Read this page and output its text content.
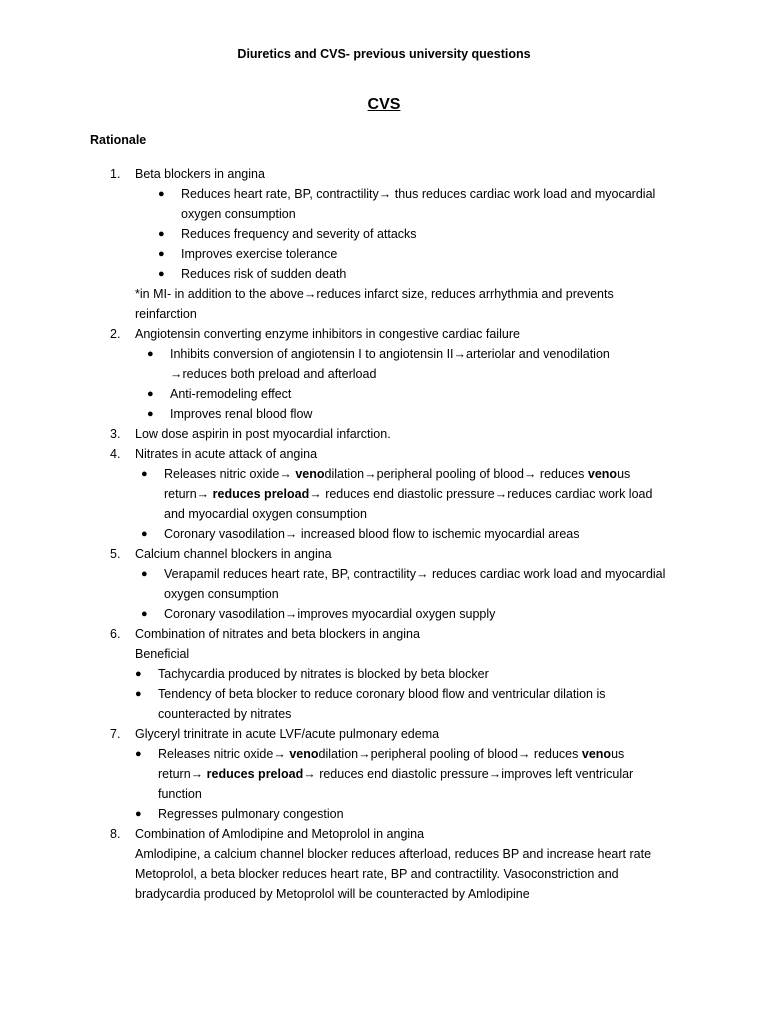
Diuretics and CVS- previous university questions
CVS
Rationale
1.	Beta blockers in angina
● Reduces heart rate, BP, contractility→ thus reduces cardiac work load and myocardial oxygen consumption
● Reduces frequency and severity of attacks
● Improves exercise tolerance
● Reduces risk of sudden death
*in MI- in addition to the above→reduces infarct size, reduces arrhythmia and prevents reinfarction
2.	Angiotensin converting enzyme inhibitors in congestive cardiac failure
● Inhibits conversion of angiotensin I to angiotensin II→arteriolar and venodilation →reduces both preload and afterload
● Anti-remodeling effect
● Improves renal blood flow
3.	Low dose aspirin in post myocardial infarction.
4.	Nitrates in acute attack of angina
● Releases nitric oxide→ venodilation→peripheral pooling of blood→ reduces venous return→ reduces preload→ reduces end diastolic pressure→reduces cardiac work load and myocardial oxygen consumption
● Coronary vasodilation→ increased blood flow to ischemic myocardial areas
5.	Calcium channel blockers in angina
● Verapamil reduces heart rate, BP, contractility→ reduces cardiac work load and myocardial oxygen consumption
● Coronary vasodilation→improves myocardial oxygen supply
6.	Combination of nitrates and beta blockers in angina
Beneficial
● Tachycardia produced by nitrates is blocked by beta blocker
● Tendency of beta blocker to reduce coronary blood flow and ventricular dilation is counteracted by nitrates
7.	Glyceryl trinitrate in acute LVF/acute pulmonary edema
● Releases nitric oxide→ venodilation→peripheral pooling of blood→ reduces venous return→ reduces preload→ reduces end diastolic pressure→improves left ventricular function
● Regresses pulmonary congestion
8.	Combination of Amlodipine and Metoprolol in angina
Amlodipine, a calcium channel blocker reduces afterload, reduces BP and increase heart rate
Metoprolol, a beta blocker reduces heart rate, BP and contractility. Vasoconstriction and bradycardia produced by Metoprolol will be counteracted by Amlodipine
